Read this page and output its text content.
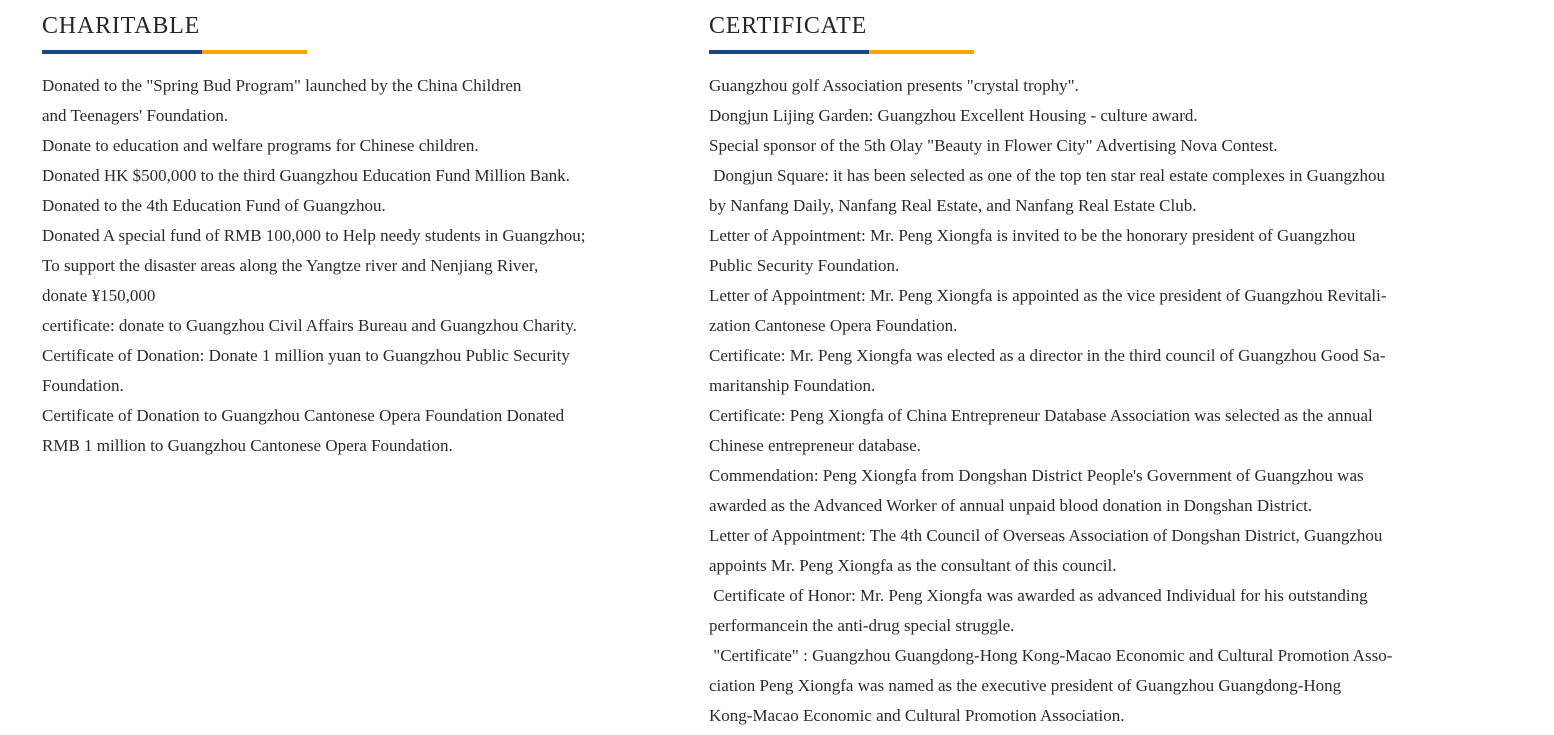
CHARITABLE
Donated to the "Spring Bud Program" launched by the China Children
and Teenagers' Foundation.
Donate to education and welfare programs for Chinese children.
Donated HK $500,000 to the third Guangzhou Education Fund Million Bank.
Donated to the 4th Education Fund of Guangzhou.
Donated A special fund of RMB 100,000 to Help needy students in Guangzhou;
To support the disaster areas along the Yangtze river and Nenjiang River,
donate ¥150,000
certificate: donate to Guangzhou Civil Affairs Bureau and Guangzhou Charity.
Certificate of Donation: Donate 1 million yuan to Guangzhou Public Security
Foundation.
Certificate of Donation to Guangzhou Cantonese Opera Foundation Donated
RMB 1 million to Guangzhou Cantonese Opera Foundation.
CERTIFICATE
Guangzhou golf Association presents "crystal trophy".
Dongjun Lijing Garden: Guangzhou Excellent Housing - culture award.
Special sponsor of the 5th Olay "Beauty in Flower City" Advertising Nova Contest.
Dongjun Square: it has been selected as one of the top ten star real estate complexes in Guangzhou
by Nanfang Daily, Nanfang Real Estate, and Nanfang Real Estate Club.
Letter of Appointment: Mr. Peng Xiongfa is invited to be the honorary president of Guangzhou
Public Security Foundation.
Letter of Appointment: Mr. Peng Xiongfa is appointed as the vice president of Guangzhou Revitali-
zation Cantonese Opera Foundation.
Certificate: Mr. Peng Xiongfa was elected as a director in the third council of Guangzhou Good Sa-
maritanship Foundation.
Certificate: Peng Xiongfa of China Entrepreneur Database Association was selected as the annual
Chinese entrepreneur database.
Commendation: Peng Xiongfa from Dongshan District People's Government of Guangzhou was
awarded as the Advanced Worker of annual unpaid blood donation in Dongshan District.
Letter of Appointment: The 4th Council of Overseas Association of Dongshan District, Guangzhou
appoints Mr. Peng Xiongfa as the consultant of this council.
Certificate of Honor: Mr. Peng Xiongfa was awarded as advanced Individual for his outstanding
performancein the anti-drug special struggle.
"Certificate" : Guangzhou Guangdong-Hong Kong-Macao Economic and Cultural Promotion Asso-
ciation Peng Xiongfa was named as the executive president of Guangzhou Guangdong-Hong
Kong-Macao Economic and Cultural Promotion Association.
